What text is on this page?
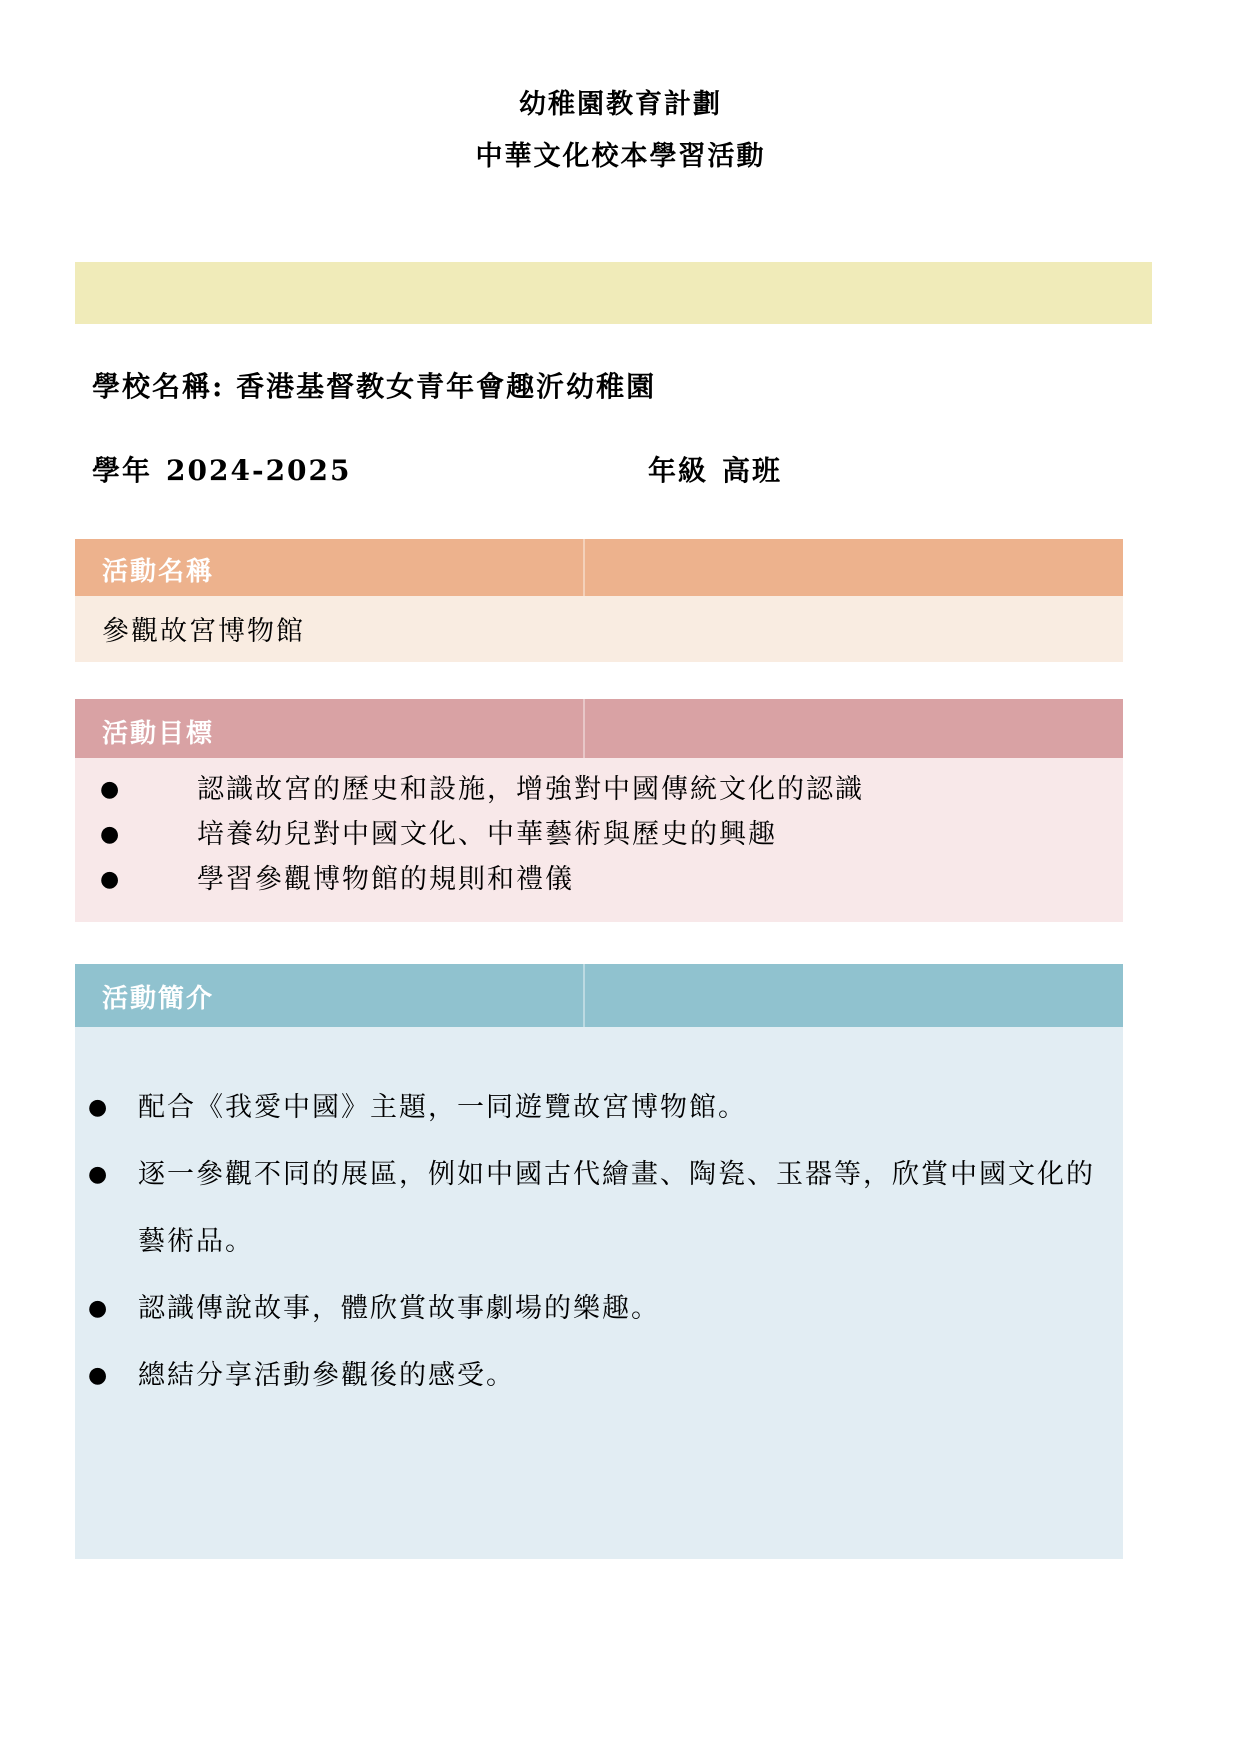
幼稚園教育計劃
中華文化校本學習活動
學校名稱: 香港基督教女青年會趣沂幼稚園
學年 2024-2025	年級 高班
活動名稱
參觀故宮博物館
活動目標
●	認識故宮的歷史和設施，增強對中國傳統文化的認識
●	培養幼兒對中國文化、中華藝術與歷史的興趣
●	學習參觀博物館的規則和禮儀
活動簡介
●	配合《我愛中國》主題，一同遊覽故宮博物館。
●	逐一參觀不同的展區，例如中國古代繪畫、陶瓷、玉器等，欣賞中國文化的藝術品。
●	認識傳說故事，體欣賞故事劇場的樂趣。
●	總結分享活動參觀後的感受。
